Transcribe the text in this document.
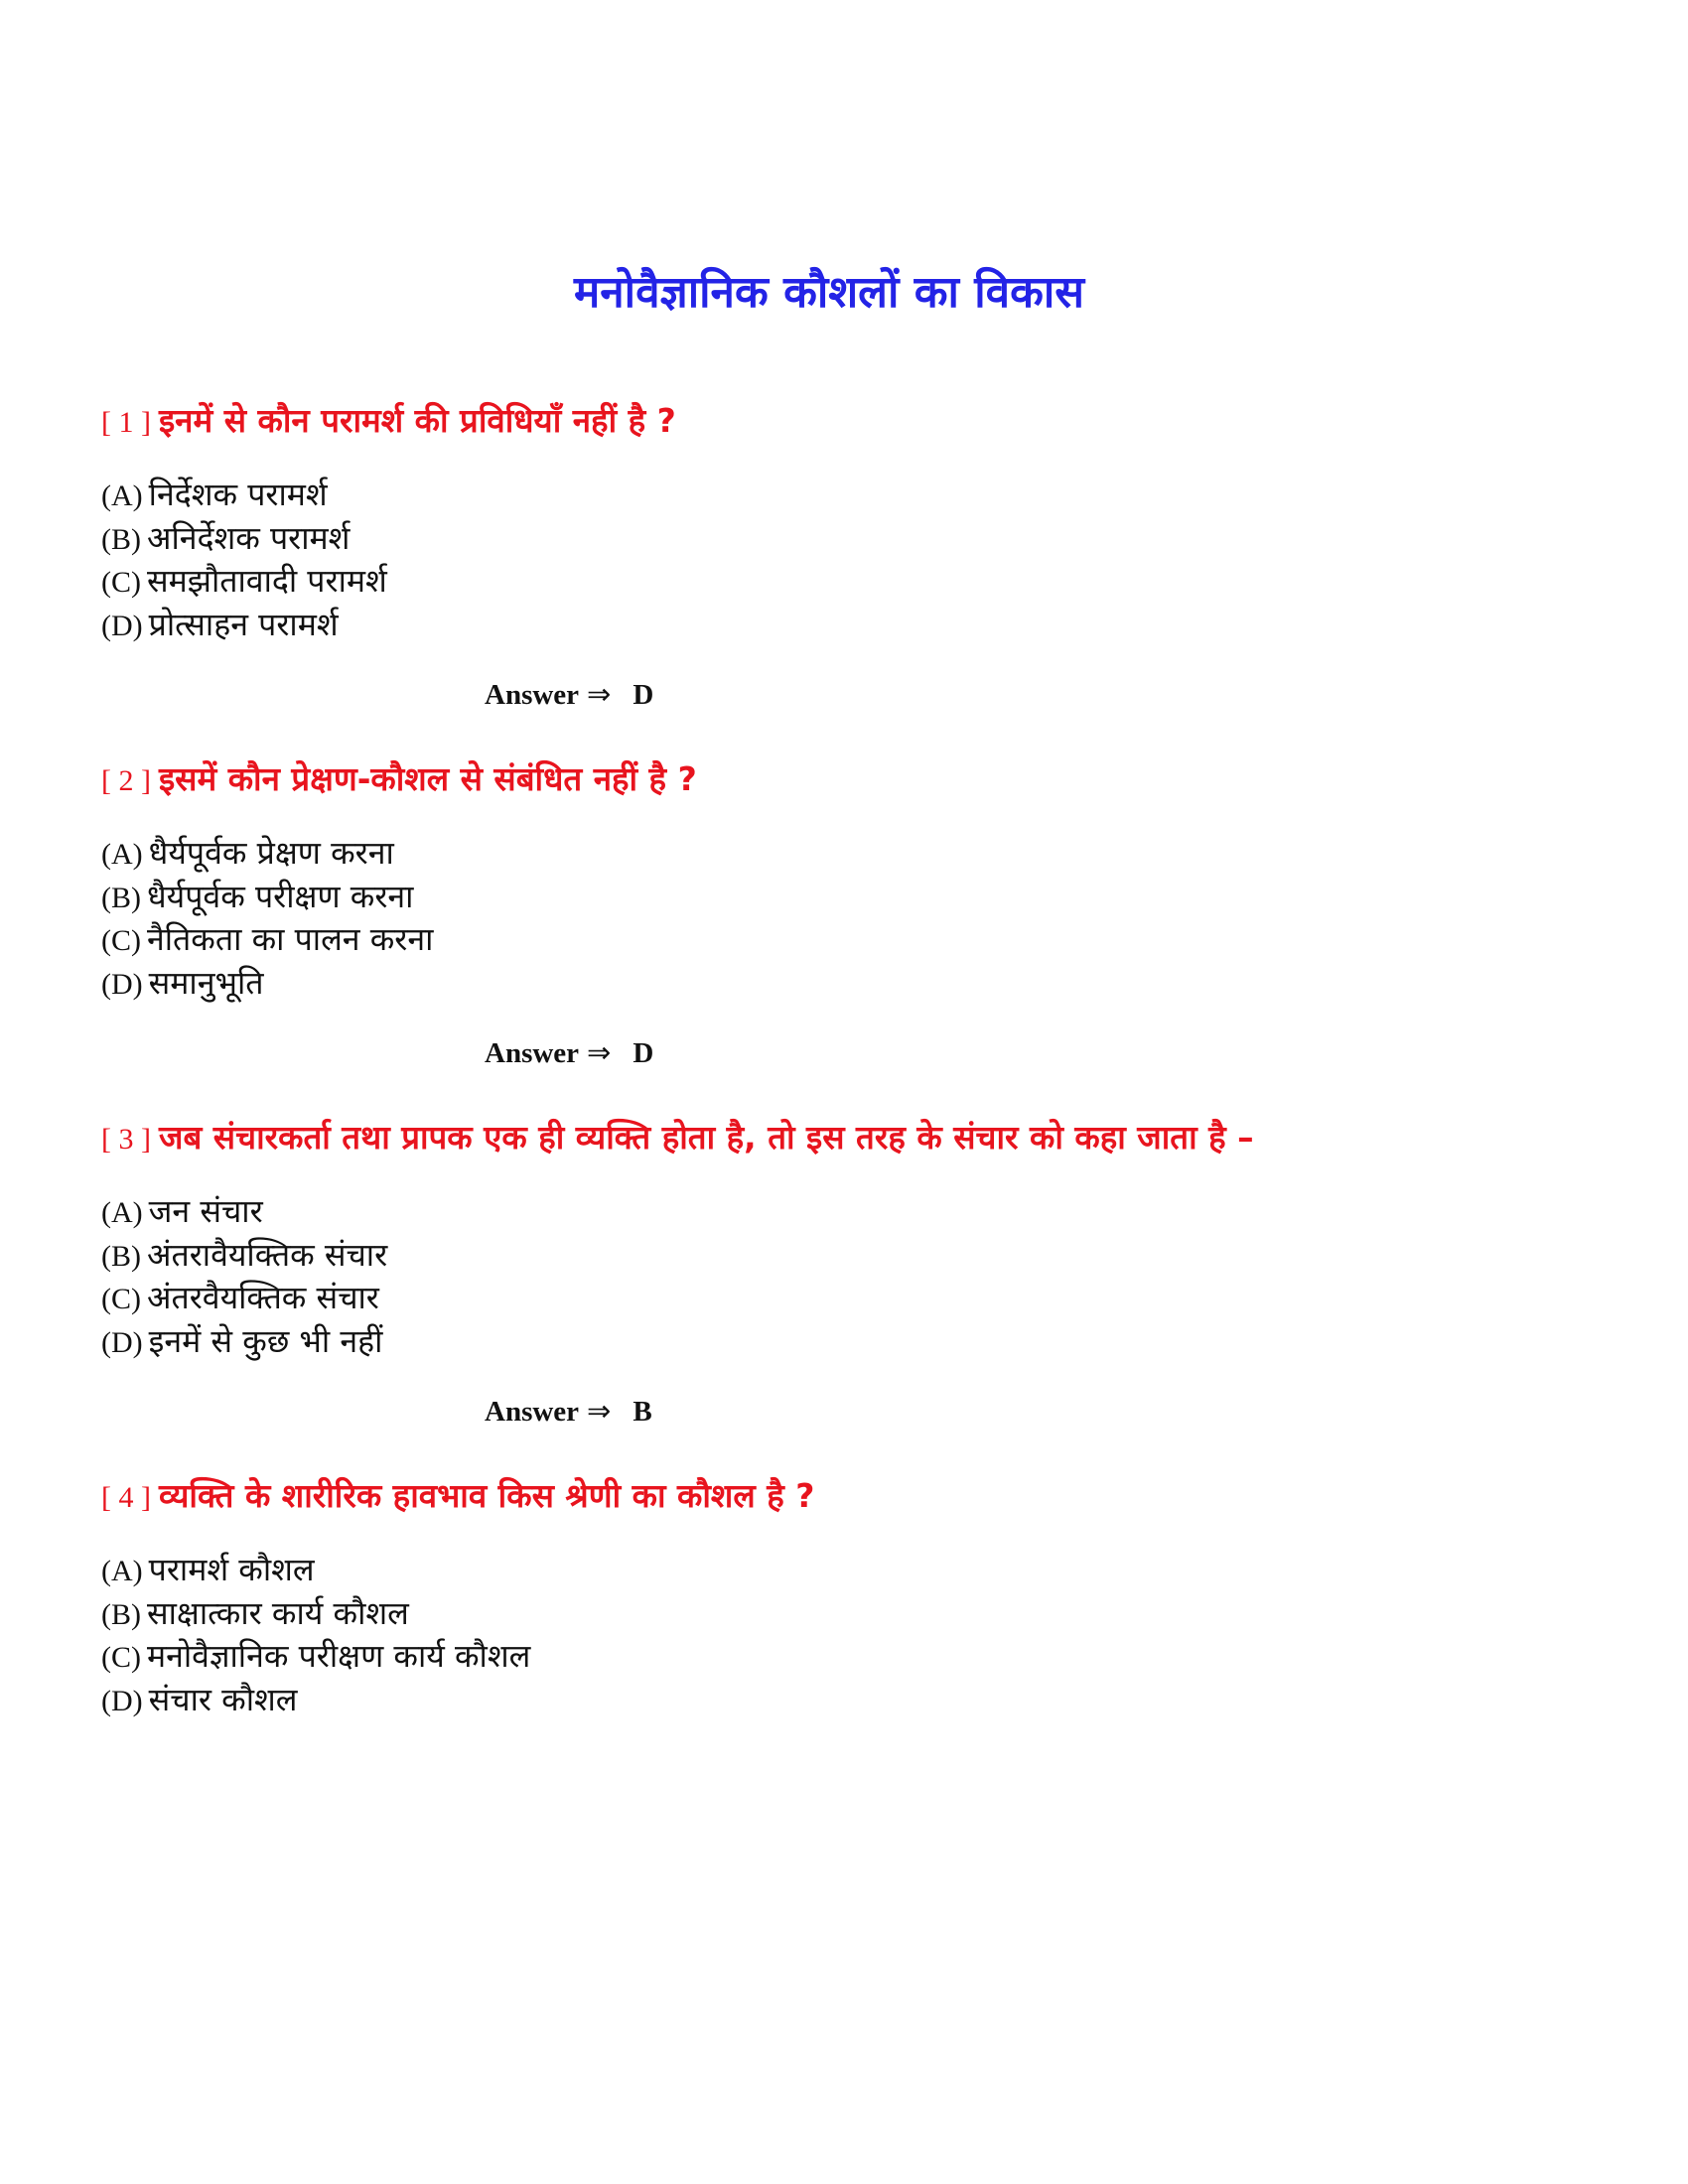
मनोवैज्ञानिक कौशलों का विकास
[ 1 ] इनमें से कौन परामर्श की प्रविधियाँ नहीं है ?
(A) निर्देशक परामर्श
(B) अनिर्देशक परामर्श
(C) समझौतावादी परामर्श
(D) प्रोत्साहन परामर्श
Answer ⇒ D
[ 2 ] इसमें कौन प्रेक्षण-कौशल से संबंधित नहीं है ?
(A) धैर्यपूर्वक प्रेक्षण करना
(B) धैर्यपूर्वक परीक्षण करना
(C) नैतिकता का पालन करना
(D) समानुभूति
Answer ⇒ D
[ 3 ] जब संचारकर्ता तथा प्रापक एक ही व्यक्ति होता है, तो इस तरह के संचार को कहा जाता है –
(A) जन संचार
(B) अंतरावैयक्तिक संचार
(C) अंतरवैयक्तिक संचार
(D) इनमें से कुछ भी नहीं
Answer ⇒ B
[ 4 ] व्यक्ति के शारीरिक हावभाव किस श्रेणी का कौशल है ?
(A) परामर्श कौशल
(B) साक्षात्कार कार्य कौशल
(C) मनोवैज्ञानिक परीक्षण कार्य कौशल
(D) संचार कौशल
